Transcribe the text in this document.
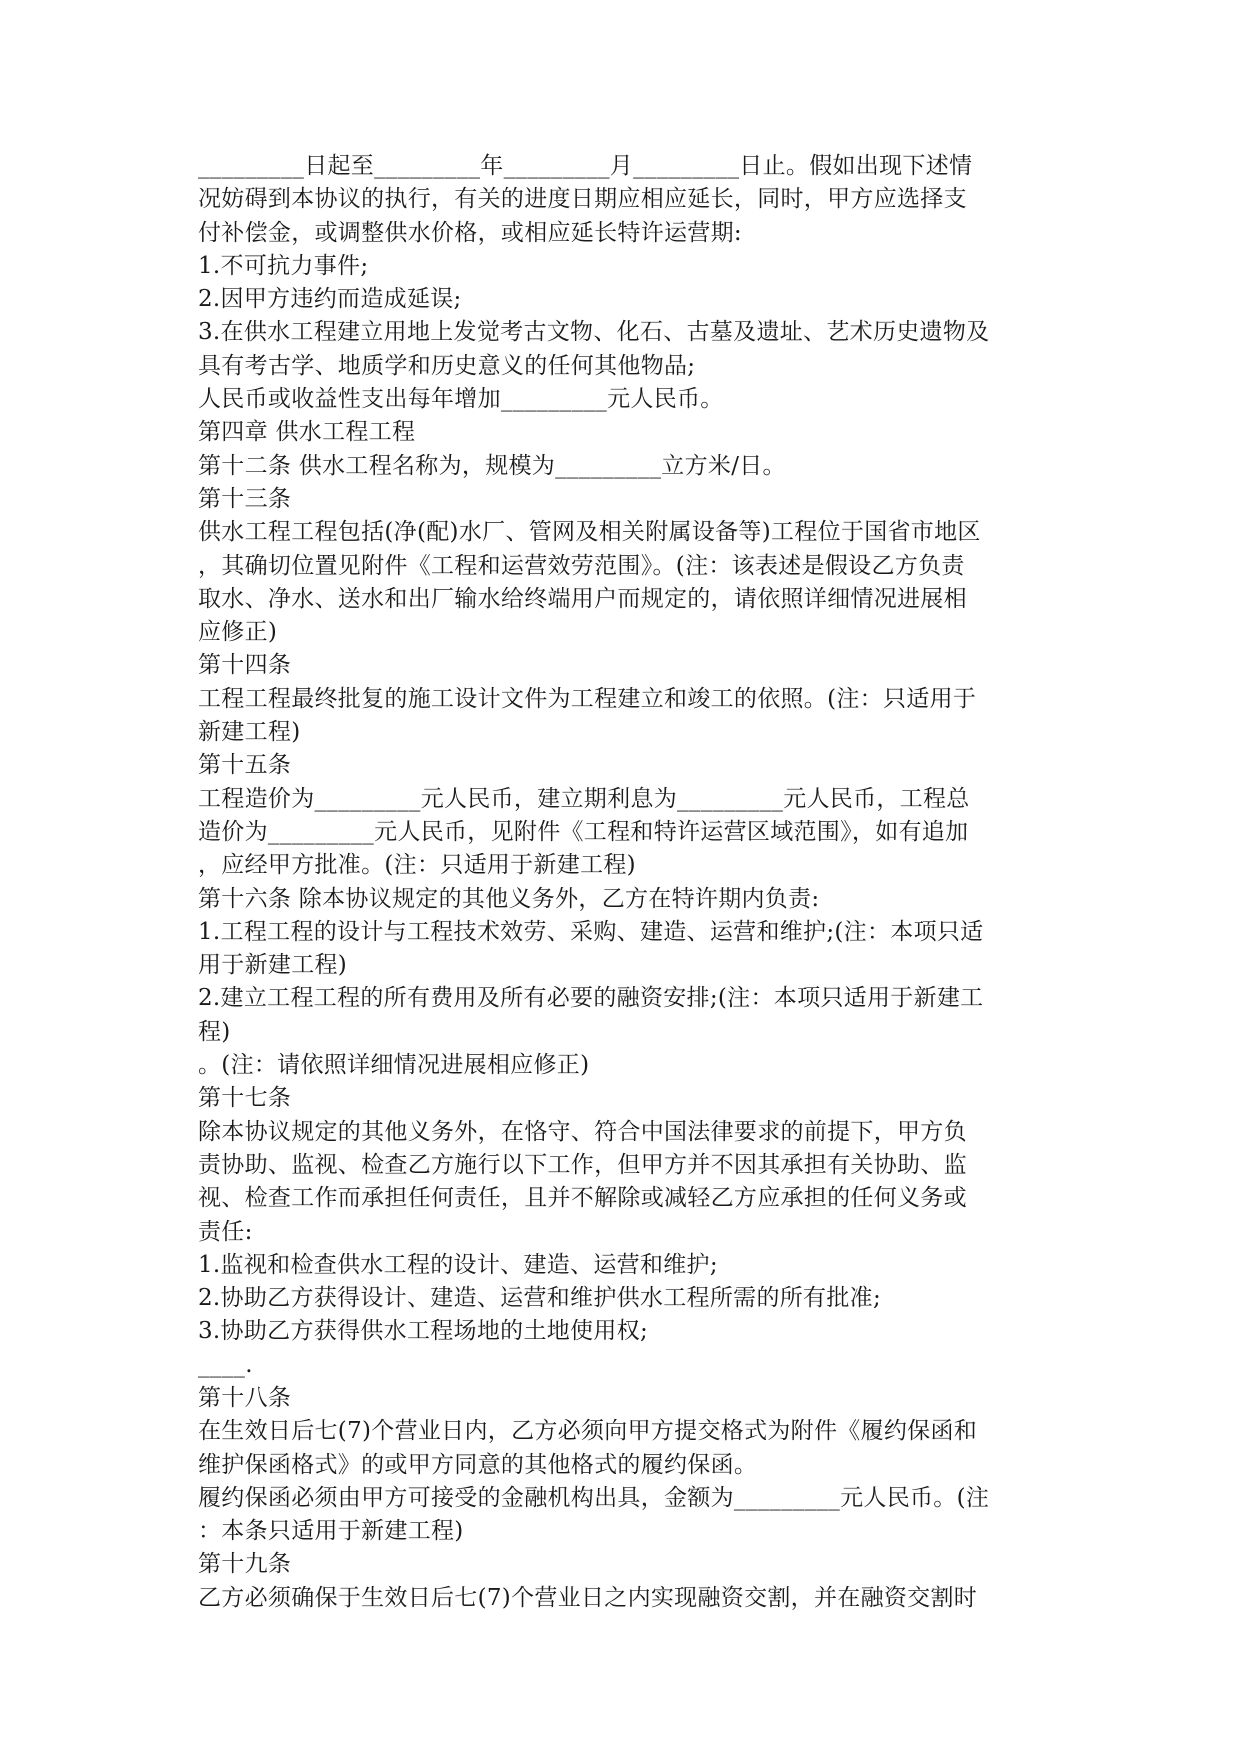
_________日起至_________年_________月_________日止。假如出现下述情
况妨碍到本协议的执行，有关的进度日期应相应延长，同时，甲方应选择支
付补偿金，或调整供水价格，或相应延长特许运营期:
1.不可抗力事件;
2.因甲方违约而造成延误;
3.在供水工程建立用地上发觉考古文物、化石、古墓及遗址、艺术历史遗物及
具有考古学、地质学和历史意义的任何其他物品;
人民币或收益性支出每年增加_________元人民币。
第四章 供水工程工程
第十二条 供水工程名称为，规模为_________立方米/日。
第十三条
供水工程工程包括(净(配)水厂、管网及相关附属设备等)工程位于国省市地区
，其确切位置见附件《工程和运营效劳范围》。(注：该表述是假设乙方负责
取水、净水、送水和出厂输水给终端用户而规定的，请依照详细情况进展相
应修正)
第十四条
工程工程最终批复的施工设计文件为工程建立和竣工的依照。(注：只适用于
新建工程)
第十五条
工程造价为_________元人民币，建立期利息为_________元人民币，工程总
造价为_________元人民币，见附件《工程和特许运营区域范围》，如有追加
，应经甲方批准。(注：只适用于新建工程)
第十六条 除本协议规定的其他义务外，乙方在特许期内负责:
1.工程工程的设计与工程技术效劳、采购、建造、运营和维护;(注：本项只适
用于新建工程)
2.建立工程工程的所有费用及所有必要的融资安排;(注：本项只适用于新建工
程)
。(注：请依照详细情况进展相应修正)
第十七条
除本协议规定的其他义务外，在恪守、符合中国法律要求的前提下，甲方负
责协助、监视、检查乙方施行以下工作，但甲方并不因其承担有关协助、监
视、检查工作而承担任何责任，且并不解除或减轻乙方应承担的任何义务或
责任:
1.监视和检查供水工程的设计、建造、运营和维护;
2.协助乙方获得设计、建造、运营和维护供水工程所需的所有批准;
3.协助乙方获得供水工程场地的土地使用权;
____.
第十八条
在生效日后七(7)个营业日内，乙方必须向甲方提交格式为附件《履约保函和
维护保函格式》的或甲方同意的其他格式的履约保函。
履约保函必须由甲方可接受的金融机构出具，金额为_________元人民币。(注
：本条只适用于新建工程)
第十九条
乙方必须确保于生效日后七(7)个营业日之内实现融资交割，并在融资交割时
